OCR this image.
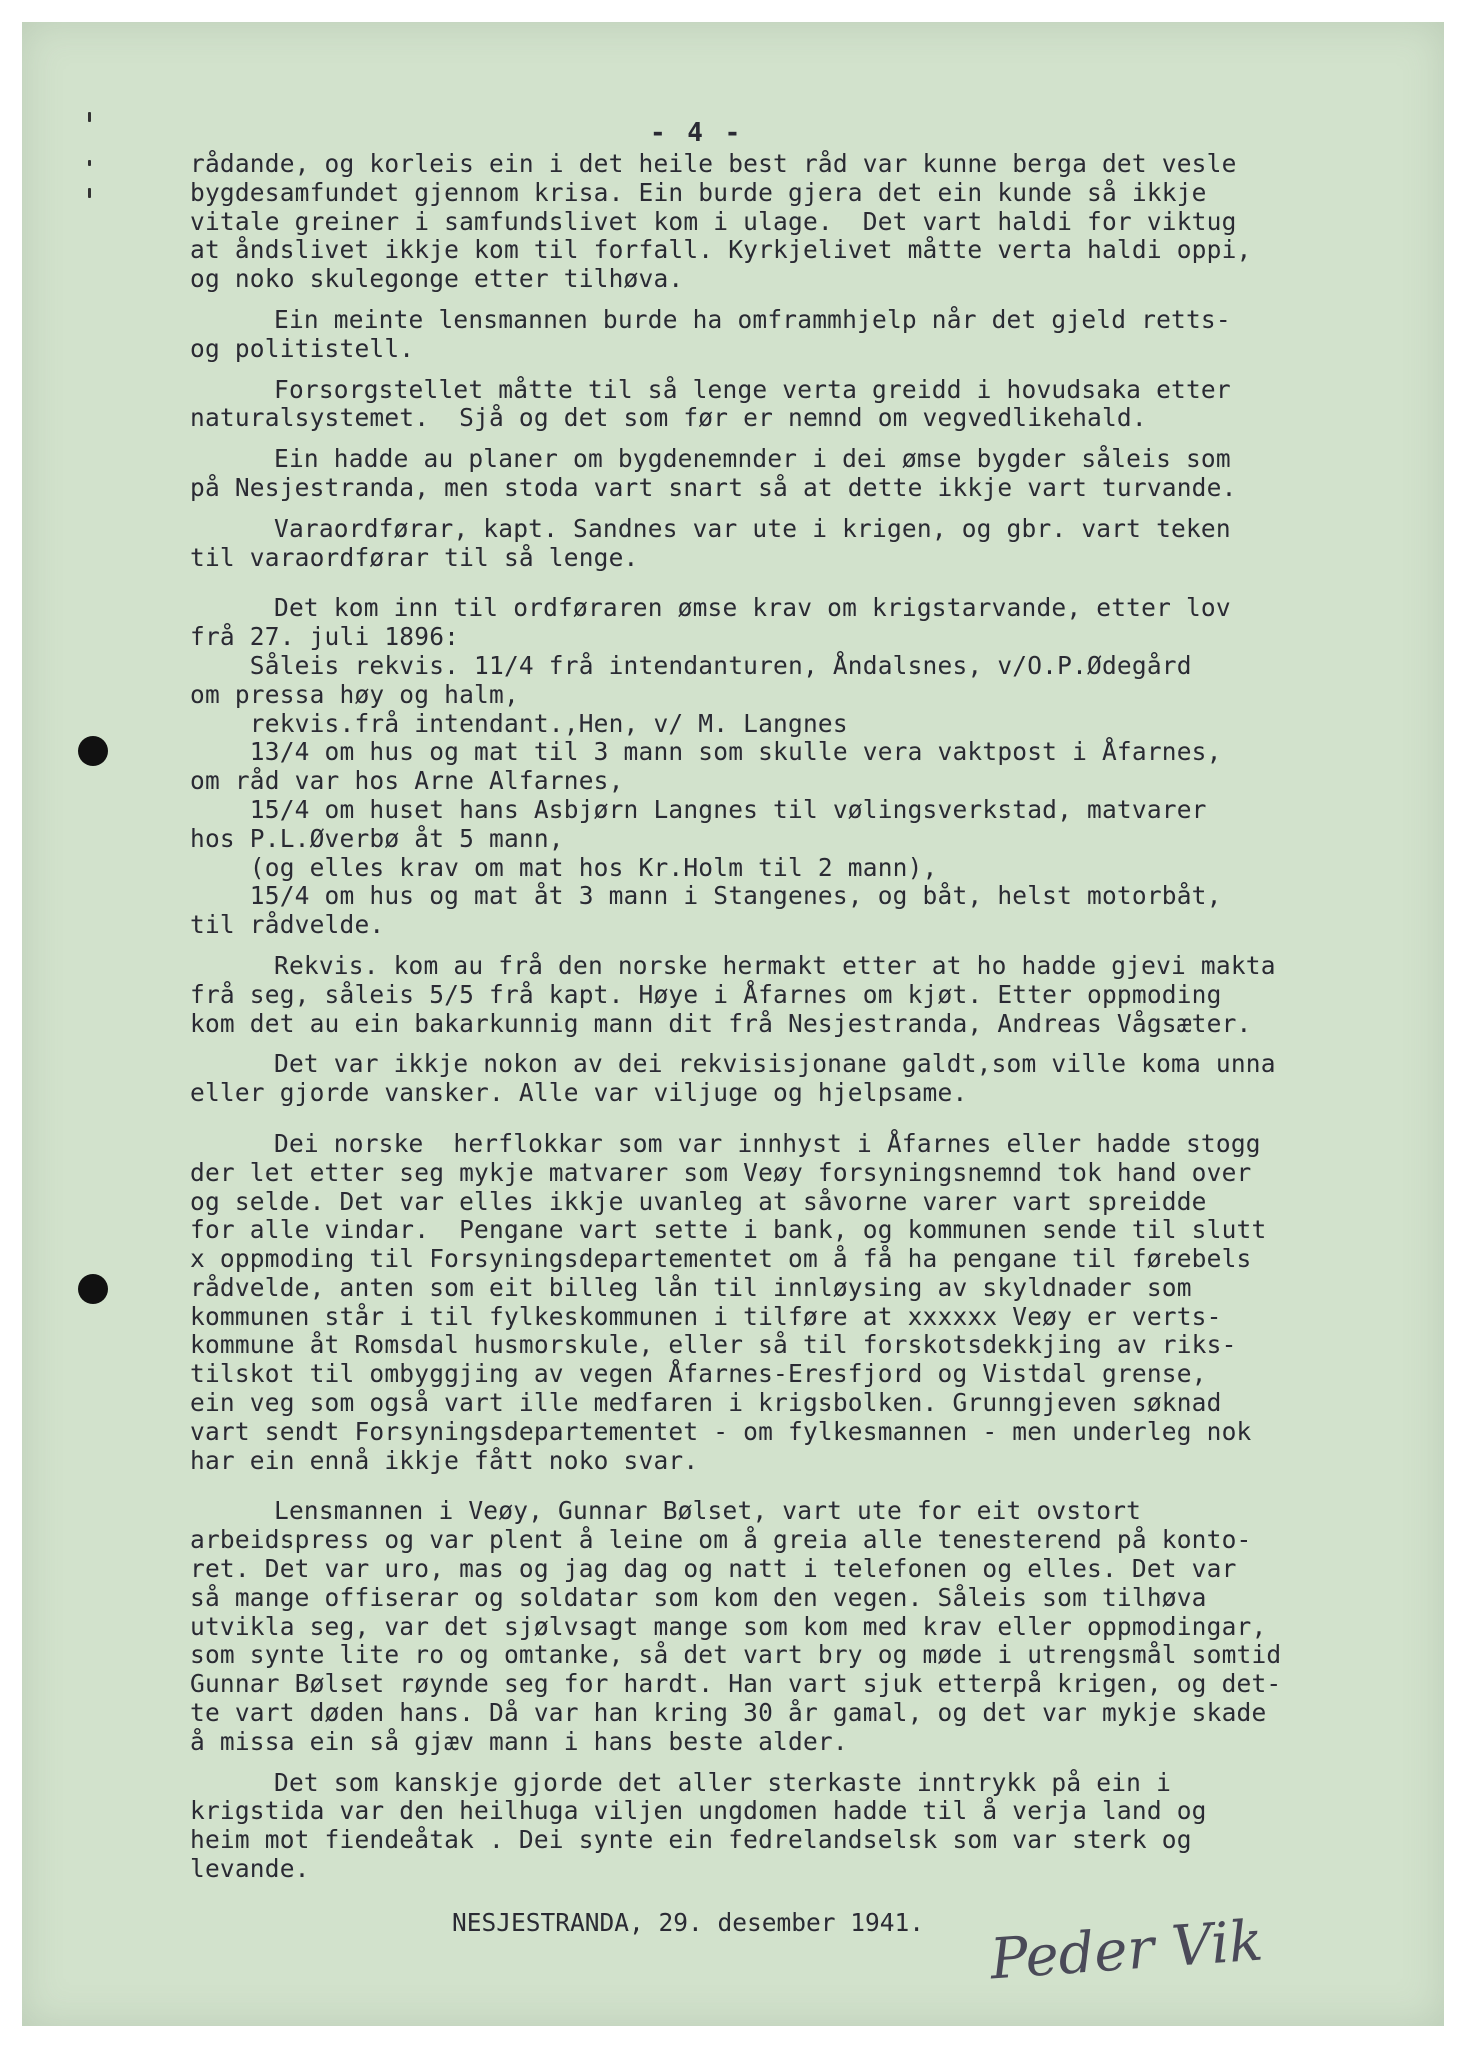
- 4 -
rådande, og korleis ein i det heile best råd var kunne berga det vesle
bygdesamfundet gjennom krisa. Ein burde gjera det ein kunde så ikkje
vitale greiner i samfundslivet kom i ulage.  Det vart haldi for viktug
at åndslivet ikkje kom til forfall. Kyrkjelivet måtte verta haldi oppi,
og noko skulegonge etter tilhøva.
Ein meinte lensmannen burde ha omframmhjelp når det gjeld retts-
og politistell.
Forsorgstellet måtte til så lenge verta greidd i hovudsaka etter
naturalsystemet.  Sjå og det som før er nemnd om vegvedlikehald.
Ein hadde au planer om bygdenemnder i dei ømse bygder såleis som
på Nesjestranda, men stoda vart snart så at dette ikkje vart turvande.
Varaordførar, kapt. Sandnes var ute i krigen, og gbr. vart teken
til varaordførar til så lenge.
Det kom inn til ordføraren ømse krav om krigstarvande, etter lov
frå 27. juli 1896:
Såleis rekvis. 11/4 frå intendanturen, Åndalsnes, v/O.P.Ødegård
om pressa høy og halm,
rekvis.frå intendant.,Hen, v/ M. Langnes
13/4 om hus og mat til 3 mann som skulle vera vaktpost i Åfarnes,
om råd var hos Arne Alfarnes,
15/4 om huset hans Asbjørn Langnes til vølingsverkstad, matvarer
hos P.L.Øverbø åt 5 mann,
(og elles krav om mat hos Kr.Holm til 2 mann),
15/4 om hus og mat åt 3 mann i Stangenes, og båt, helst motorbåt,
til rådvelde.
Rekvis. kom au frå den norske hermakt etter at ho hadde gjevi makta
frå seg, såleis 5/5 frå kapt. Høye i Åfarnes om kjøt. Etter oppmoding
kom det au ein bakarkunnig mann dit frå Nesjestranda, Andreas Vågsæter.
Det var ikkje nokon av dei rekvisisjonane galdt,som ville koma unna
eller gjorde vansker. Alle var viljuge og hjelpsame.
Dei norske  herflokkar som var innhyst i Åfarnes eller hadde stogg
der let etter seg mykje matvarer som Veøy forsyningsnemnd tok hand over
og selde. Det var elles ikkje uvanleg at såvorne varer vart spreidde
for alle vindar.  Pengane vart sette i bank, og kommunen sende til slutt
x oppmoding til Forsyningsdepartementet om å få ha pengane til førebels
rådvelde, anten som eit billeg lån til innløysing av skyldnader som
kommunen står i til fylkeskommunen i tilføre at xxxxxx Veøy er verts-
kommune åt Romsdal husmorskule, eller så til forskotsdekkjing av riks-
tilskot til ombyggjing av vegen Åfarnes-Eresfjord og Vistdal grense,
ein veg som også vart ille medfaren i krigsbolken. Grunngjeven søknad
vart sendt Forsyningsdepartementet - om fylkesmannen - men underleg nok
har ein ennå ikkje fått noko svar.
Lensmannen i Veøy, Gunnar Bølset, vart ute for eit ovstort
arbeidspress og var plent å leine om å greia alle tenesterend på konto-
ret. Det var uro, mas og jag dag og natt i telefonen og elles. Det var
så mange offiserar og soldatar som kom den vegen. Såleis som tilhøva
utvikla seg, var det sjølvsagt mange som kom med krav eller oppmodingar,
som synte lite ro og omtanke, så det vart bry og møde i utrengsmål somtid
Gunnar Bølset røynde seg for hardt. Han vart sjuk etterpå krigen, og det-
te vart døden hans. Då var han kring 30 år gamal, og det var mykje skade
å missa ein så gjæv mann i hans beste alder.
Det som kanskje gjorde det aller sterkaste inntrykk på ein i
krigstida var den heilhuga viljen ungdomen hadde til å verja land og
heim mot fiendeåtak . Dei synte ein fedrelandselsk som var sterk og
levande.
NESJESTRANDA, 29. desember 1941. Peder Vik
